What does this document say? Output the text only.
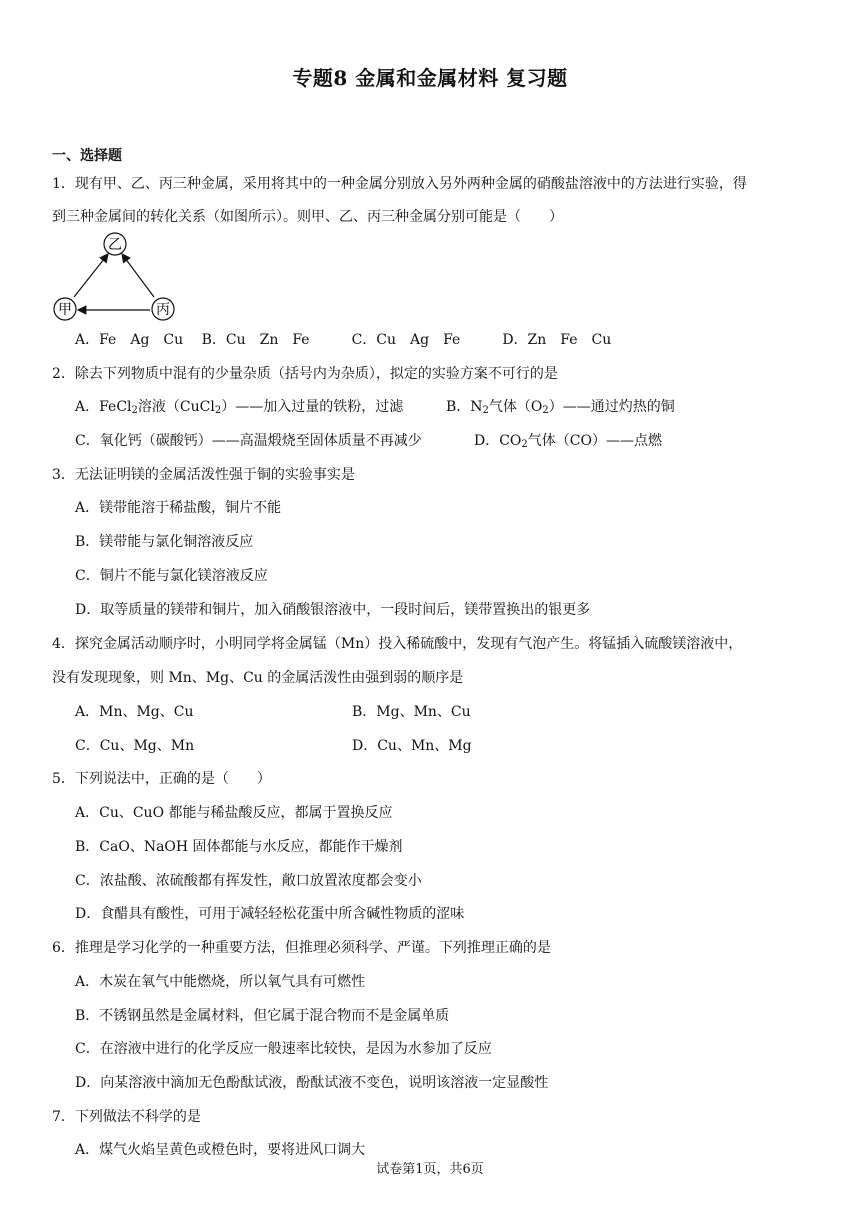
专题8 金属和金属材料 复习题
一、选择题
1．现有甲、乙、丙三种金属，采用将其中的一种金属分别放入另外两种金属的硝酸盐溶液中的方法进行实验，得
到三种金属间的转化关系（如图所示）。则甲、乙、丙三种金属分别可能是（　　）
乙
甲	丙
A．Fe　Ag　Cu　 B．Cu　Zn　Fe　　　C．Cu　Ag　Fe　　　D．Zn　Fe　Cu
2．除去下列物质中混有的少量杂质（括号内为杂质），拟定的实验方案不可行的是
A．FeCl$_2$溶液（CuCl$_2$）——加入过量的铁粉，过滤	B．$N_2$气体$(O_2)——$通过灼热的铜
C．氧化钙（碳酸钙）——高温煅烧至固体质量不再减少	D．$CO_2$气体（CO）——点燃
3．无法证明镁的金属活泼性强于铜的实验事实是
A．镁带能溶于稀盐酸，铜片不能
B．镁带能与氯化铜溶液反应
C．铜片不能与氯化镁溶液反应
D．取等质量的镁带和铜片，加入硝酸银溶液中，一段时间后，镁带置换出的银更多
4．探究金属活动顺序时，小明同学将金属锰（Mn）投入稀硫酸中，发现有气泡产生。将锰插入硫酸镁溶液中，
没有发现现象，则 Mn、Mg、Cu 的金属活泼性由强到弱的顺序是
A．Mn、Mg、Cu	B．Mg、Mn、Cu
C．Cu、Mg、Mn	D．Cu、Mn、Mg
5．下列说法中，正确的是（　　）
A．Cu、CuO 都能与稀盐酸反应，都属于置换反应
B．CaO、NaOH 固体都能与水反应，都能作干燥剂
C．浓盐酸、浓硫酸都有挥发性，敞口放置浓度都会变小
D．食醋具有酸性，可用于减轻轻松花蛋中所含碱性物质的涩味
6．推理是学习化学的一种重要方法，但推理必须科学、严谨。下列推理正确的是
A．木炭在氧气中能燃烧，所以氧气具有可燃性
B．不锈钢虽然是金属材料，但它属于混合物而不是金属单质
C．在溶液中进行的化学反应一般速率比较快，是因为水参加了反应
D．向某溶液中滴加无色酚酞试液，酚酞试液不变色，说明该溶液一定显酸性
7．下列做法不科学的是
A．煤气火焰呈黄色或橙色时，要将进风口调大
试卷第1页，共6页
